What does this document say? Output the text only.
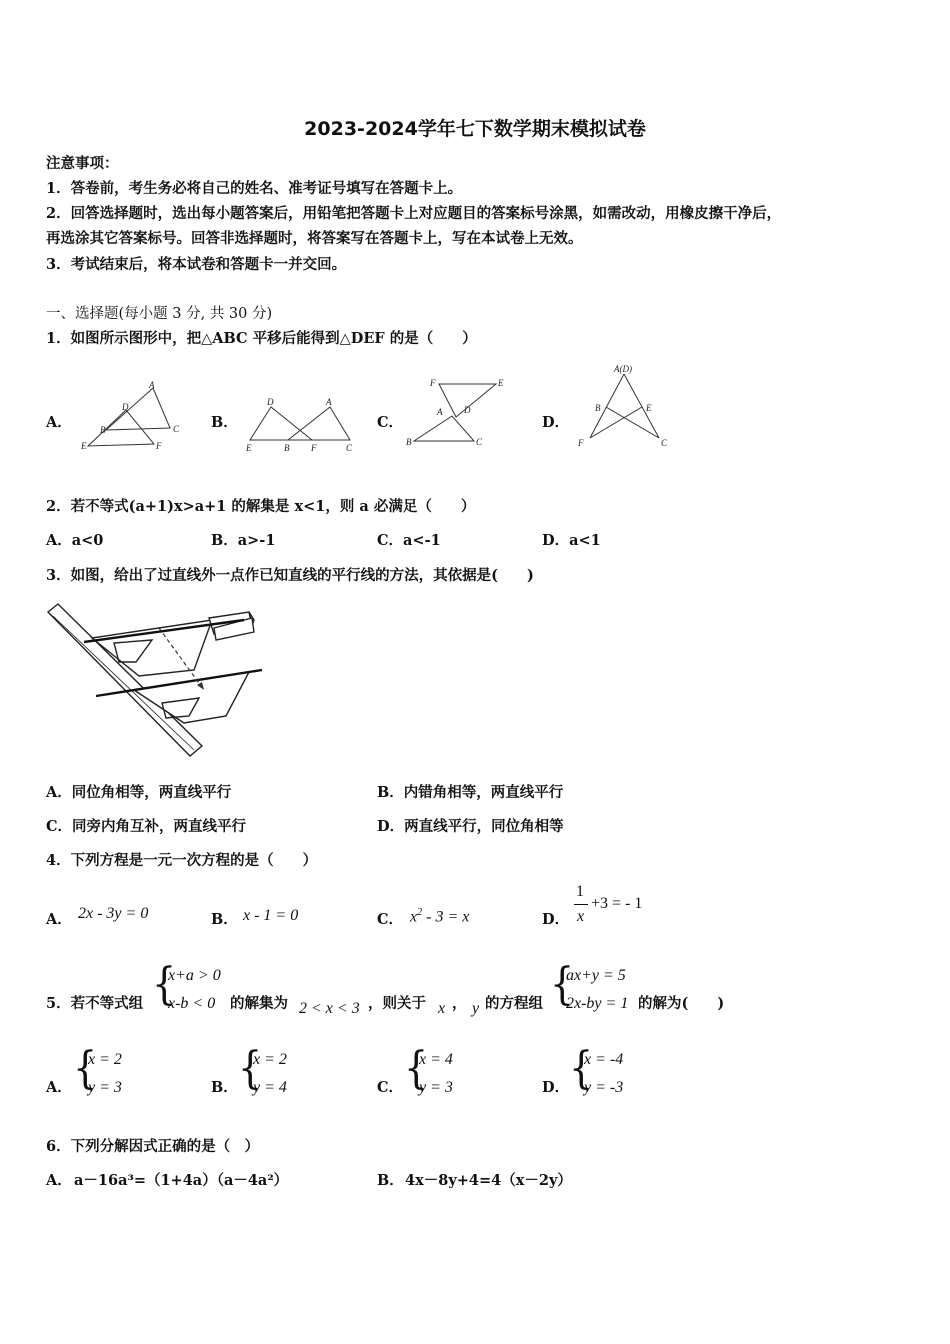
2023-2024学年七下数学期末模拟试卷
注意事项：
1．答卷前，考生务必将自己的姓名、准考证号填写在答题卡上。
2．回答选择题时，选出每小题答案后，用铅笔把答题卡上对应题目的答案标号涂黑，如需改动，用橡皮擦干净后，
再选涂其它答案标号。回答非选择题时，将答案写在答题卡上，写在本试卷上无效。
3．考试结束后，将本试卷和答题卡一并交回。
一、选择题(每小题 3 分, 共 30 分)
1．如图所示图形中，把△ABC 平移后能得到△DEF 的是（　　）
A．	B．	C．	D．
A
D
B	C
E	F
D	A
E	B F	C
F	E
A D
B	C
A(D)
B	E
F	C
2．若不等式(a+1)x>a+1 的解集是 x<1，则 a 必满足（　　）
A．a<0	B．a>-1	C．a<-1	D．a<1
3．如图，给出了过直线外一点作已知直线的平行线的方法，其依据是(　　)
A．同位角相等，两直线平行	B．内错角相等，两直线平行
C．同旁内角互补，两直线平行	D．两直线平行，同位角相等
4．下列方程是一元一次方程的是（　　）
A． 2x - 3y = 0	B． x - 1 = 0	C． $x^2 - 3 = x$	D．
1
x
+3 = - 1
5．若不等式组 {
x+a > 0
x-b < 0 的解集为 2 < x < 3 ，则关于 x ， y 的方程组 {
ax+y = 5
2x-by = 1 的解为(　　)
A． {
x = 2
y = 3	B． {
x = 2
y = 4	C． {
x = 4
y = 3	D． {
x = -4
y = -3
6．下列分解因式正确的是（　）
A． a－16a³=（1+4a）（a－4a²）	B． 4x－8y+4=4（x－2y）
